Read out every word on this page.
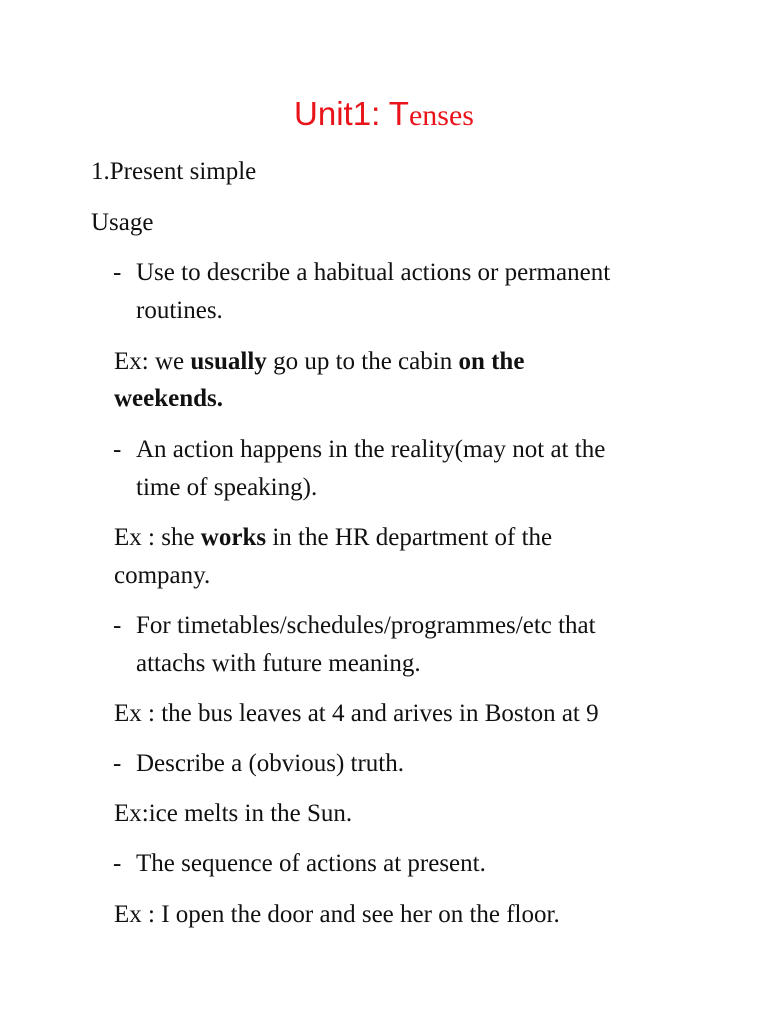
Unit1: Tenses
1.Present simple
Usage
- Use to describe a habitual actions or permanent
routines.
Ex: we usually go up to the cabin on the
weekends.
- An action happens in the reality(may not at the
time of speaking).
Ex : she works in the HR department of the
company.
- For timetables/schedules/programmes/etc that
attachs with future meaning.
Ex : the bus leaves at 4 and arives in Boston at 9
- Describe a (obvious) truth.
Ex:ice melts in the Sun.
- The sequence of actions at present.
Ex : I open the door and see her on the floor.
